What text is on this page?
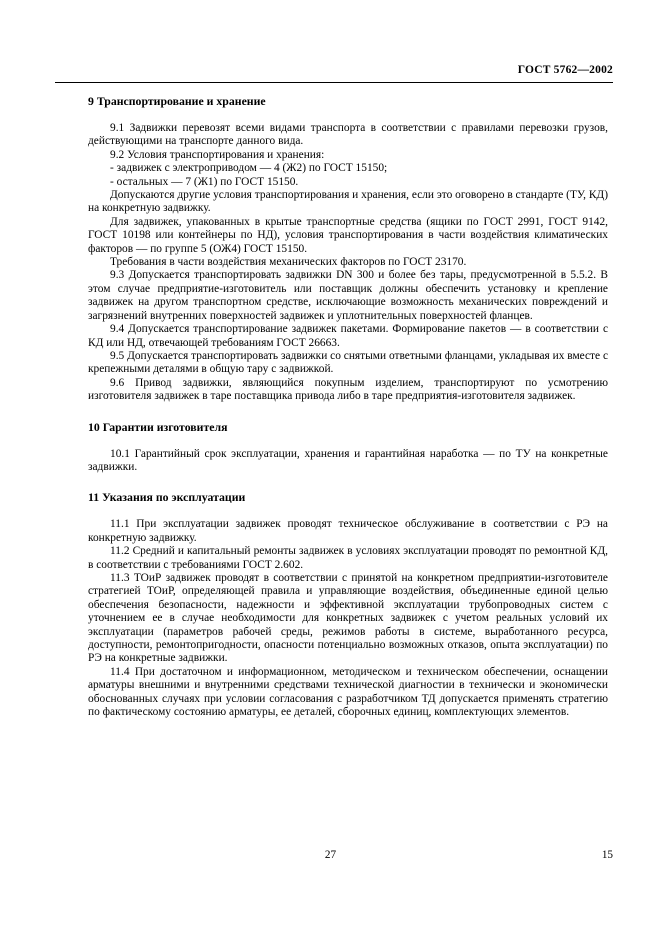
ГОСТ 5762—2002
9 Транспортирование и хранение

9.1 Задвижки перевозят всеми видами транспорта в соответствии с правилами перевозки грузов, действующими на транспорте данного вида.

9.2 Условия транспортирования и хранения:

- задвижек с электроприводом — 4 (Ж2) по ГОСТ 15150;

- остальных — 7 (Ж1) по ГОСТ 15150.

Допускаются другие условия транспортирования и хранения, если это оговорено в стандарте (ТУ, КД) на конкретную задвижку.

Для задвижек, упакованных в крытые транспортные средства (ящики по ГОСТ 2991, ГОСТ 9142, ГОСТ 10198 или контейнеры по НД), условия транспортирования в части воздействия климатических факторов — по группе 5 (ОЖ4) ГОСТ 15150.

Требования в части воздействия механических факторов по ГОСТ 23170.

9.3 Допускается транспортировать задвижки DN 300 и более без тары, предусмотренной в 5.5.2. В этом случае предприятие-изготовитель или поставщик должны обеспечить установку и крепление задвижек на другом транспортном средстве, исключающие возможность механических повреждений и загрязнений внутренних поверхностей задвижек и уплотнительных поверхностей фланцев.

9.4 Допускается транспортирование задвижек пакетами. Формирование пакетов — в соответствии с КД или НД, отвечающей требованиям ГОСТ 26663.

9.5 Допускается транспортировать задвижки со снятыми ответными фланцами, укладывая их вместе с крепежными деталями в общую тару с задвижкой.

9.6 Привод задвижки, являющийся покупным изделием, транспортируют по усмотрению изготовителя задвижек в таре поставщика привода либо в таре предприятия-изготовителя задвижек.

10 Гарантии изготовителя

10.1 Гарантийный срок эксплуатации, хранения и гарантийная наработка — по ТУ на конкретные задвижки.

11 Указания по эксплуатации

11.1 При эксплуатации задвижек проводят техническое обслуживание в соответствии с РЭ на конкретную задвижку.

11.2 Средний и капитальный ремонты задвижек в условиях эксплуатации проводят по ремонтной КД, в соответствии с требованиями ГОСТ 2.602.

11.3 ТОиР задвижек проводят в соответствии с принятой на конкретном предприятии-изготовителе стратегией ТОиР, определяющей правила и управляющие воздействия, объединенные единой целью обеспечения безопасности, надежности и эффективной эксплуатации трубопроводных систем с уточнением ее в случае необходимости для конкретных задвижек с учетом реальных условий их эксплуатации (параметров рабочей среды, режимов работы в системе, выработанного ресурса, доступности, ремонтопригодности, опасности потенциально возможных отказов, опыта эксплуатации) по РЭ на конкретные задвижки.

11.4 При достаточном и информационном, методическом и техническом обеспечении, оснащении арматуры внешними и внутренними средствами технической диагностии в технически и экономически обоснованных случаях при условии согласования с разработчиком ТД допускается применять стратегию по фактическому состоянию арматуры, ее деталей, сборочных единиц, комплектующих элементов.

27	15
